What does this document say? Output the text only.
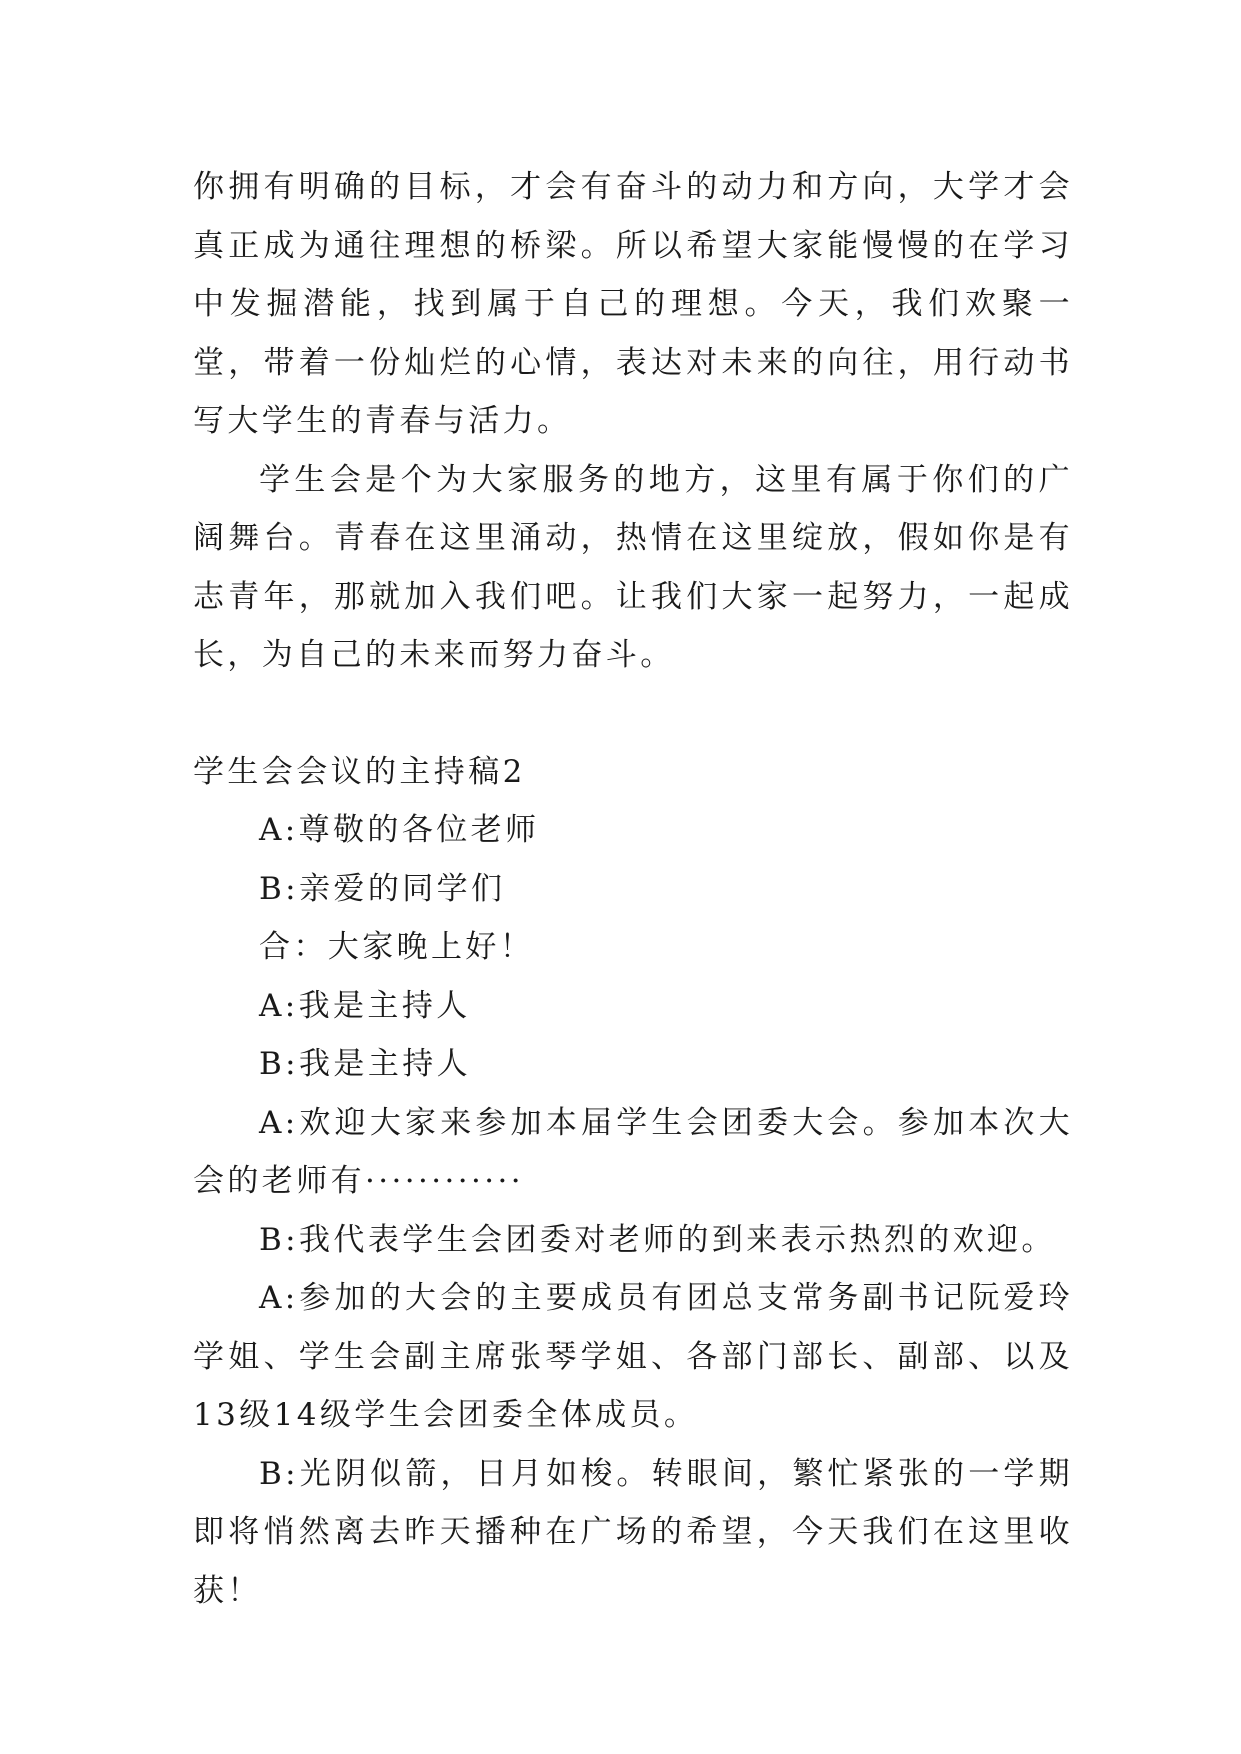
你拥有明确的目标，才会有奋斗的动力和方向，大学才会真正成为通往理想的桥梁。所以希望大家能慢慢的在学习中发掘潜能，找到属于自己的理想。今天，我们欢聚一堂，带着一份灿烂的心情，表达对未来的向往，用行动书写大学生的青春与活力。

学生会是个为大家服务的地方，这里有属于你们的广阔舞台。青春在这里涌动，热情在这里绽放，假如你是有志青年，那就加入我们吧。让我们大家一起努力，一起成长，为自己的未来而努力奋斗。

学生会会议的主持稿2

A:尊敬的各位老师

B:亲爱的同学们

合：大家晚上好！

A:我是主持人

B:我是主持人

A:欢迎大家来参加本届学生会团委大会。参加本次大会的老师有············

B:我代表学生会团委对老师的到来表示热烈的欢迎。

A:参加的大会的主要成员有团总支常务副书记阮爱玲学姐、学生会副主席张琴学姐、各部门部长、副部、以及13级14级学生会团委全体成员。

B:光阴似箭，日月如梭。转眼间，繁忙紧张的一学期即将悄然离去昨天播种在广场的希望，今天我们在这里收获！
